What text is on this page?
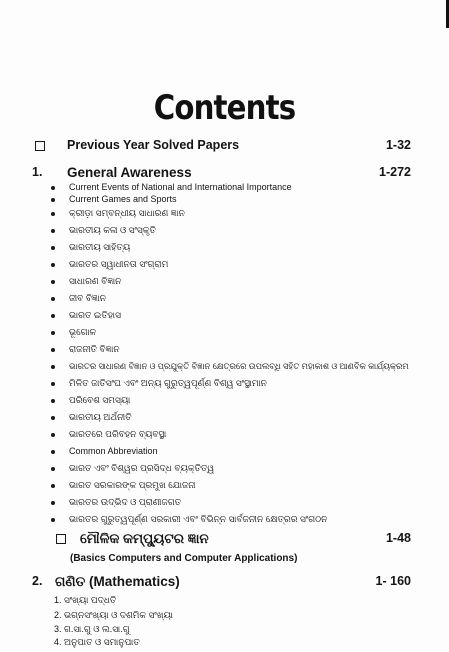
Contents
Previous Year Solved Papers	1-32
1. General Awareness	1-272
Current Events of National and International Importance
Current Games and Sports
କ୍ରୀଡ଼ା ସମ୍ବନ୍ଧୀୟ ସାଧାରଣ ଜ୍ଞାନ
ଭାରତୀୟ କଳା ଓ ସଂସ୍କୃତି
ଭାରତୀୟ ସାହିତ୍ୟ
ଭାରତର ସ୍ୱାଧୀନତା ସଂଗ୍ରାମ
ସାଧାରଣ ବିଜ୍ଞାନ
ଜୀବ ବିଜ୍ଞାନ
ଭାରତ ଇତିହାସ
ଭୂଗୋଳ
ରାଜନୀତି ବିଜ୍ଞାନ
ଭାରତର ସାଧାରଣ ବିଜ୍ଞାନ ଓ ପ୍ରଯୁକ୍ତି ବିଜ୍ଞାନ କ୍ଷେତ୍ରରେ ଉପଲବ୍ଧି ସହିତ ମହାକାଶ ଓ ଆଣବିକ କାର୍ଯ୍ୟକ୍ରମ
ମିଳିତ ଜାତିସଂଘ ଏବଂ ଅନ୍ୟ ଗୁରୁତ୍ୱପୂର୍ଣ୍ଣ ବିଶ୍ୱ ସଂସ୍ଥାମାନ
ପରିବେଶ ସମସ୍ୟା
ଭାରତୀୟ ଅର୍ଥନୀତି
ଭାରତରେ ପରିବହନ ବ୍ୟବସ୍ଥା
Common Abbreviation
ଭାରତ ଏବଂ ବିଶ୍ୱର ପ୍ରସିଦ୍ଧ ବ୍ୟକ୍ତିତ୍ୱ
ଭାରତ ସରକାରଙ୍କ ପ୍ରମୁଖ ଯୋଜନା
ଭାରତର ଉଦ୍ଭିଦ ଓ ପ୍ରାଣୀଜଗତ
ଭାରତର ଗୁରୁତ୍ୱପୂର୍ଣ୍ଣ ସରକାରୀ ଏବଂ ବିଭିନ୍ନ ସାର୍ବଜନୀନ କ୍ଷେତ୍ରର ସଂଗଠନ
ମୌଳିକ କମ୍ପ୍ୟୁଟର ଜ୍ଞାନ	1-48
(Basics Computers and Computer Applications)
2. ଗଣିତ (Mathematics)	1- 160
1. ସଂଖ୍ୟା ପଦ୍ଧତି
2. ଭଗ୍ନସଂଖ୍ୟା ଓ ଦଶମିକ ସଂଖ୍ୟା
3. ଗ.ସା.ଗୁ ଓ ଲ.ସା.ଗୁ
4. ଅନୁପାତ ଓ ସମାନୁପାତ
